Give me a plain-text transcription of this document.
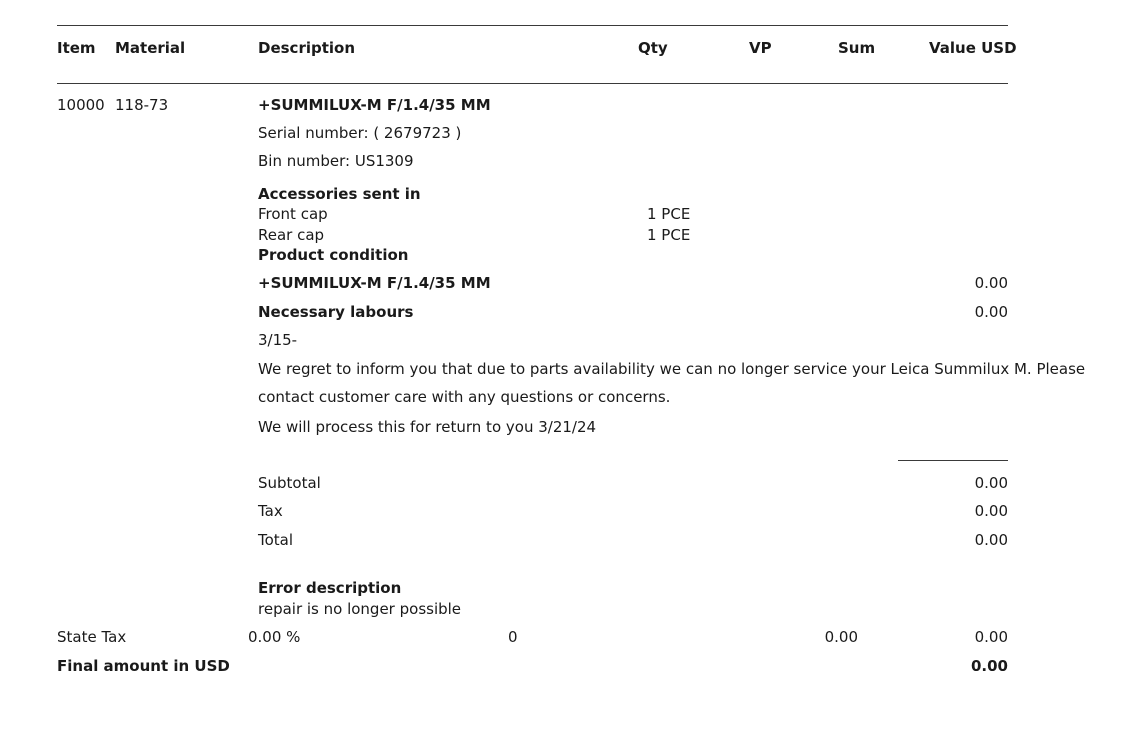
Item Material	Description	Qty	VP	Sum	Value USD
10000 118-73	+SUMMILUX-M F/1.4/35 MM
Serial number: ( 2679723 )
Bin number: US1309
Accessories sent in
Front cap	1 PCE
Rear cap	1 PCE
Product condition
+SUMMILUX-M F/1.4/35 MM	0.00
Necessary labours	0.00
3/15-
We regret to inform you that due to parts availability we can no longer service your Leica Summilux M. Please
contact customer care with any questions or concerns.
We will process this for return to you 3/21/24
Subtotal	0.00
Tax	0.00
Total	0.00
Error description
repair is no longer possible
State Tax	0.00 %	0	0.00	0.00
Final amount in USD	0.00
